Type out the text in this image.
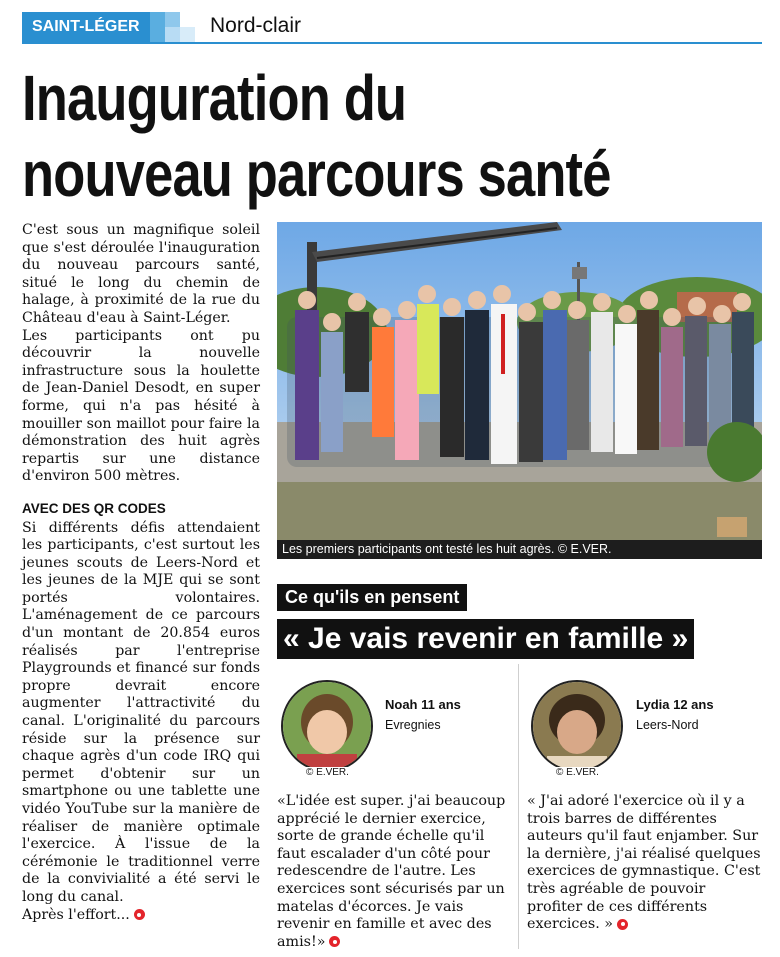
SAINT-LÉGER	Nord-clair
Inauguration du
nouveau parcours santé

C'est sous un magnifique soleil que s'est déroulée l'inauguration du nouveau parcours santé, situé le long du chemin de halage, à proximité de la rue du Château d'eau à Saint-Léger.

Les participants ont pu découvrir la nouvelle infrastructure sous la houlette de Jean-Daniel Desodt, en super forme, qui n'a pas hésité à mouiller son maillot pour faire la démonstration des huit agrès repartis sur une distance d'environ 500 mètres.

AVEC DES QR CODES

Si différents défis attendaient les participants, c'est surtout les jeunes scouts de Leers-Nord et les jeunes de la MJE qui se sont portés volontaires. L'aménagement de ce parcours d'un montant de 20.854 euros réalisés par l'entreprise Playgrounds et financé sur fonds propre devrait encore augmenter l'attractivité du canal. L'originalité du parcours réside sur la présence sur chaque agrès d'un code IRQ qui permet d'obtenir sur un smartphone ou une tablette une vidéo YouTube sur la manière de réaliser de manière optimale l'exercice. À l'issue de la cérémonie le traditionnel verre de la convivialité a été servi le long du canal.

Après l'effort...

Les premiers participants ont testé les huit agrès. © E.VER.
Ce qu'ils en pensent
« Je vais revenir en famille »
© E.VER.
Noah 11 ans
Evregnies
«L'idée est super. j'ai beaucoup apprécié le dernier exercice, sorte de grande échelle qu'il faut escalader d'un côté pour redescendre de l'autre. Les exercices sont sécurisés par un matelas d'écorces. Je vais revenir en famille et avec des amis!»
© E.VER.
Lydia 12 ans
Leers-Nord
« J'ai adoré l'exercice où il y a trois barres de différentes auteurs qu'il faut enjamber. Sur la dernière, j'ai réalisé quelques exercices de gymnastique. C'est très agréable de pouvoir profiter de ces différents exercices. »
